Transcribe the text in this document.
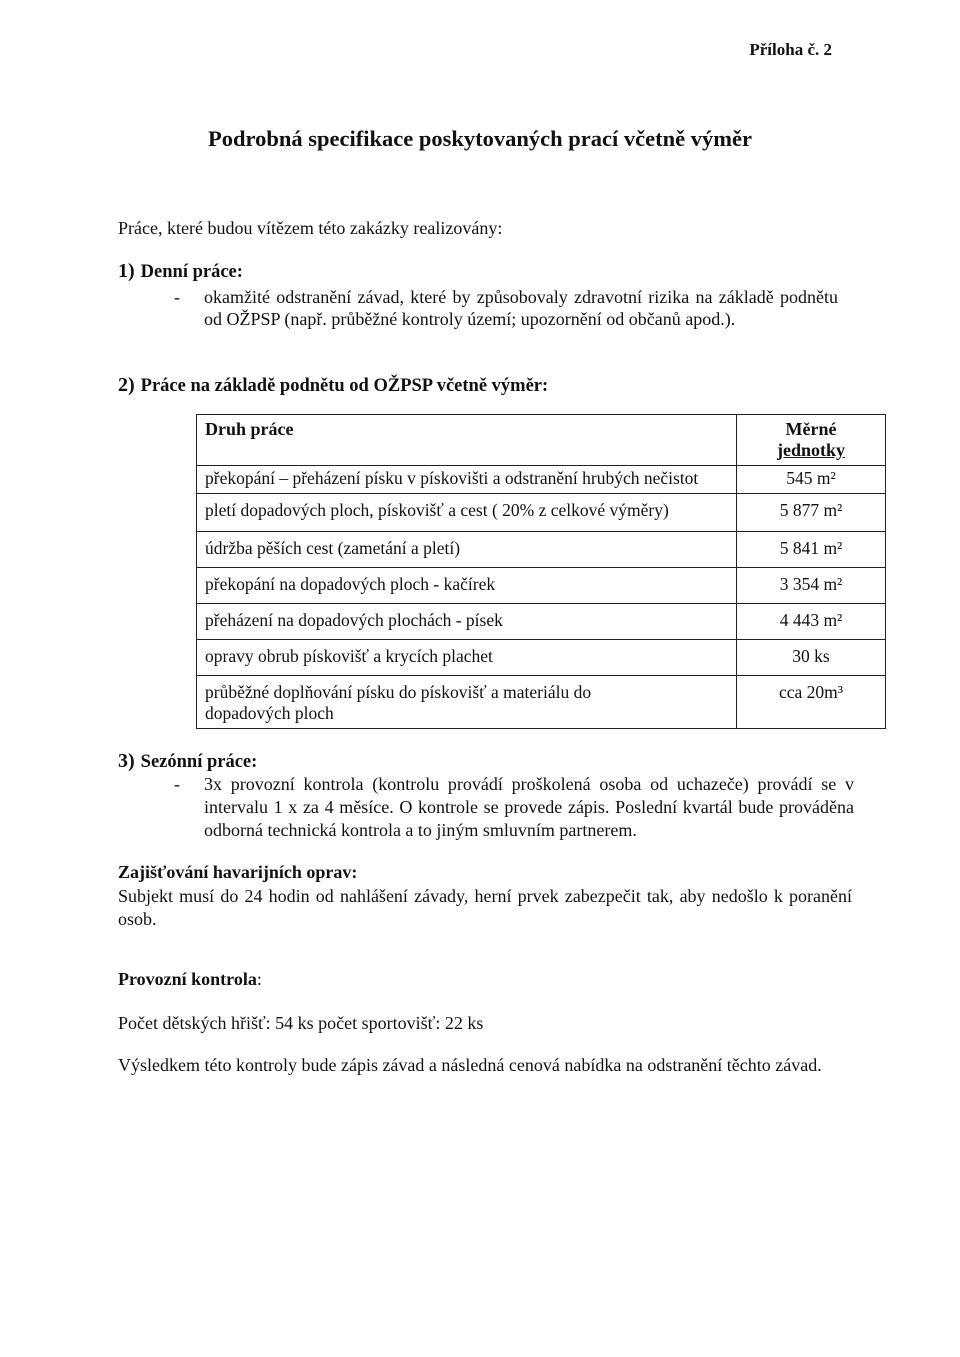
Příloha č. 2
Podrobná specifikace poskytovaných prací včetně výměr
Práce, které budou vítězem této zakázky realizovány:
1) Denní práce:
- okamžité odstranění závad, které by způsobovaly zdravotní rizika na základě podnětu od OŽPSP (např. průběžné kontroly území; upozornění od občanů apod.).
2) Práce na základě podnětu od OŽPSP včetně výměr:
Druh práce	Měrné
jednotky

překopání – přeházení písku v pískovišti a odstranění hrubých nečistot	545 m²
pletí dopadových ploch, pískovišť a cest ( 20% z celkové výměry)	5 877 m²
údržba pěších cest (zametání a pletí)	5 841 m²
překopání na dopadových ploch - kačírek	3 354 m²
přeházení na dopadových plochách - písek	4 443 m²
opravy obrub pískovišť a krycích plachet	30 ks
průběžné doplňování písku do pískovišť a materiálu do dopadových ploch	cca 20m³
3) Sezónní práce:
- 3x provozní kontrola (kontrolu provádí proškolená osoba od uchazeče) provádí se v intervalu 1 x za 4 měsíce. O kontrole se provede zápis. Poslední kvartál bude prováděna odborná technická kontrola a to jiným smluvním partnerem.
Zajišťování havarijních oprav:
Subjekt musí do 24 hodin od nahlášení závady, herní prvek zabezpečit tak, aby nedošlo k poranění osob.
Provozní kontrola:
Počet dětských hřišť: 54 ks počet sportovišť: 22 ks
Výsledkem této kontroly bude zápis závad a následná cenová nabídka na odstranění těchto závad.
